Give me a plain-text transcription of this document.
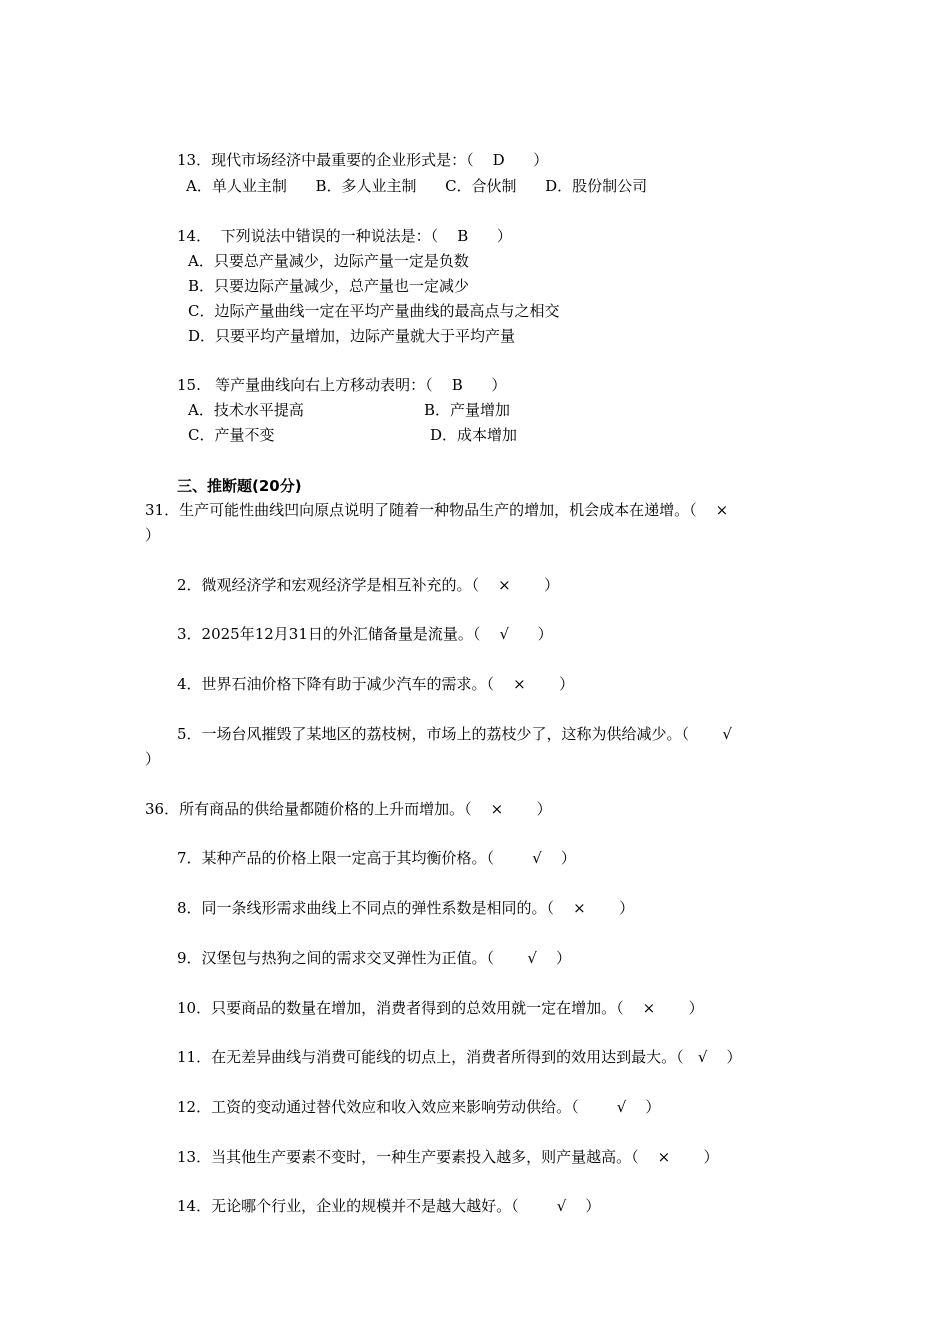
13．现代市场经济中最重要的企业形式是：（    D      ）
A．单人业主制      B．多人业主制      C．合伙制      D．股份制公司
14．  下列说法中错误的一种说法是：（    B      ）
A．只要总产量减少，边际产量一定是负数
B．只要边际产量减少，总产量也一定减少
C．边际产量曲线一定在平均产量曲线的最高点与之相交
D．只要平均产量增加，边际产量就大于平均产量
15.   等产量曲线向右上方移动表明：（    B      ）
A．技术水平提高	B．产量增加
C．产量不变	D．成本增加
三、推断题(20分)
31．生产可能性曲线凹向原点说明了随着一种物品生产的增加，机会成本在递增。（    ×
）
2．微观经济学和宏观经济学是相互补充的。（    ×       ）
3．2025年12月31日的外汇储备量是流量。（    √      ）
4．世界石油价格下降有助于减少汽车的需求。（    ×       ）
5．一场台风摧毁了某地区的荔枝树，市场上的荔枝少了，这称为供给减少。（       √
）
36．所有商品的供给量都随价格的上升而增加。（    ×       ）
7．某种产品的价格上限一定高于其均衡价格。（        √    ）
8．同一条线形需求曲线上不同点的弹性系数是相同的。（    ×       ）
9．汉堡包与热狗之间的需求交叉弹性为正值。（       √    ）
10．只要商品的数量在增加，消费者得到的总效用就一定在增加。（    ×       ）
11．在无差异曲线与消费可能线的切点上，消费者所得到的效用达到最大。（   √    ）
12．工资的变动通过替代效应和收入效应来影响劳动供给。（        √    ）
13．当其他生产要素不变时，一种生产要素投入越多，则产量越高。（    ×       ）
14．无论哪个行业，企业的规模并不是越大越好。（        √    ）
